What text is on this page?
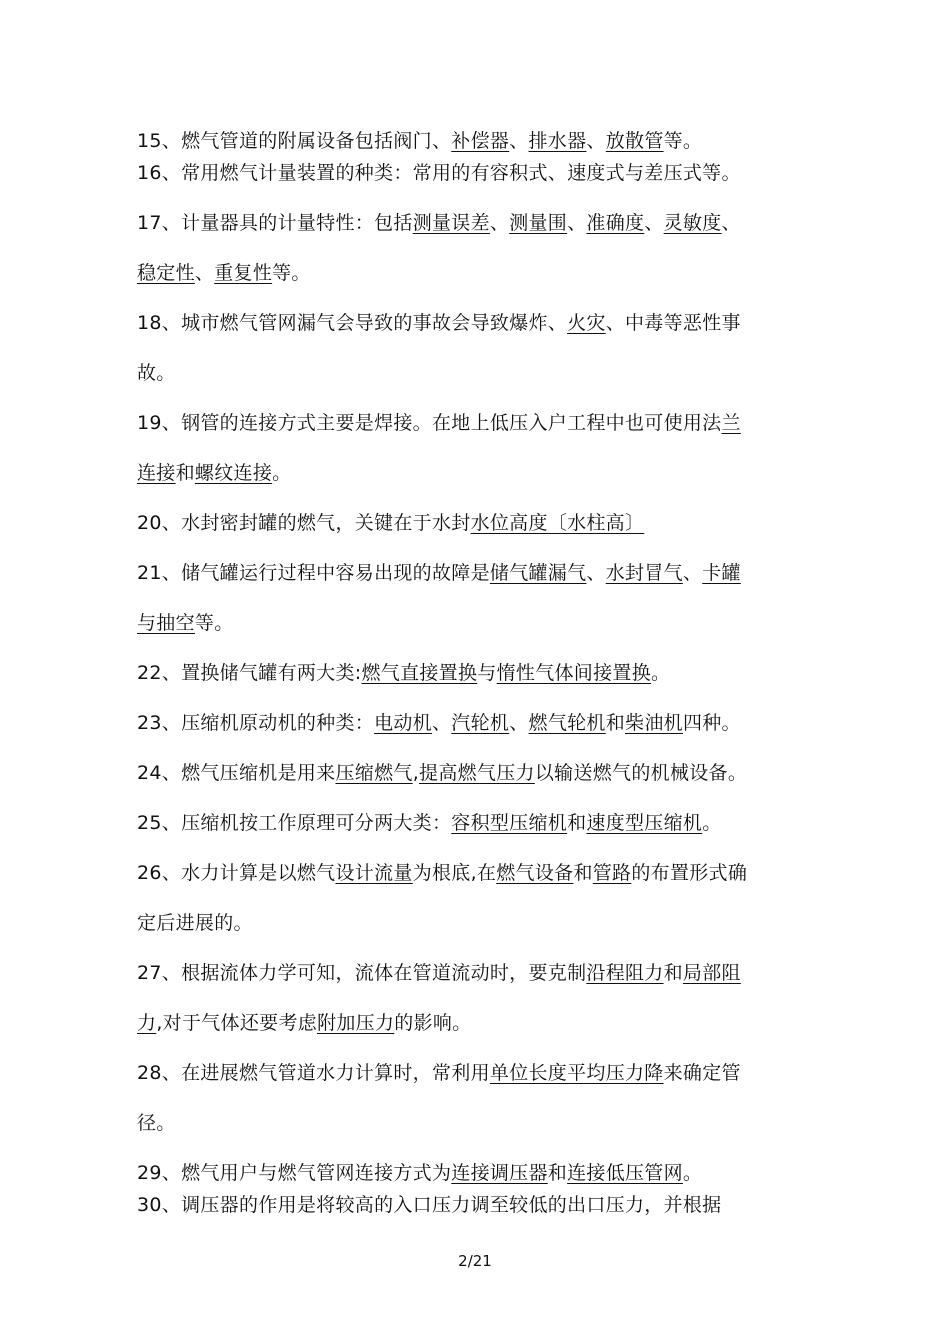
15、燃气管道的附属设备包括阀门、补偿器、排水器、放散管等。
16、常用燃气计量装置的种类：常用的有容积式、速度式与差压式等。
17、计量器具的计量特性：包括测量误差、测量围、准确度、灵敏度、
稳定性、重复性等。
18、城市燃气管网漏气会导致的事故会导致爆炸、火灾、中毒等恶性事
故。
19、钢管的连接方式主要是焊接。在地上低压入户工程中也可使用法兰
连接和螺纹连接。
20、水封密封罐的燃气，关键在于水封水位高度〔水柱高〕
21、储气罐运行过程中容易出现的故障是储气罐漏气、水封冒气、卡罐
与抽空等。
22、置换储气罐有两大类:燃气直接置换与惰性气体间接置换。
23、压缩机原动机的种类：电动机、汽轮机、燃气轮机和柴油机四种。
24、燃气压缩机是用来压缩燃气,提高燃气压力以输送燃气的机械设备。
25、压缩机按工作原理可分两大类：容积型压缩机和速度型压缩机。
26、水力计算是以燃气设计流量为根底,在燃气设备和管路的布置形式确
定后进展的。
27、根据流体力学可知，流体在管道流动时，要克制沿程阻力和局部阻
力,对于气体还要考虑附加压力的影响。
28、在进展燃气管道水力计算时，常利用单位长度平均压力降来确定管
径。
29、燃气用户与燃气管网连接方式为连接调压器和连接低压管网。
30、调压器的作用是将较高的入口压力调至较低的出口压力，并根据
2/21
